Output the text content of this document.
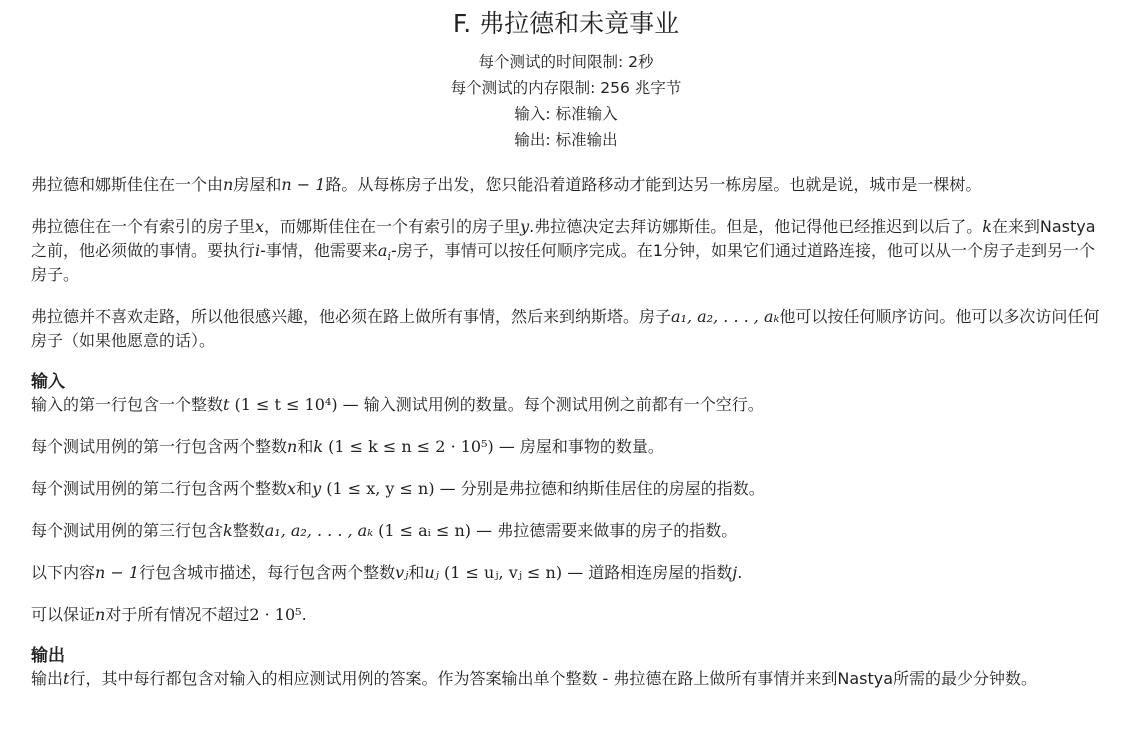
F. 弗拉德和未竟事业
每个测试的时间限制: 2秒
每个测试的内存限制: 256 兆字节
输入: 标准输入
输出: 标准输出

弗拉德和娜斯佳住在一个由n房屋和n − 1路。从每栋房子出发，您只能沿着道路移动才能到达另一栋房屋。也就是说，城市是一棵树。

弗拉德住在一个有索引的房子里x，而娜斯佳住在一个有索引的房子里y.弗拉德决定去拜访娜斯佳。但是，他记得他已经推迟到以后了。k在来到Nastya之前，他必须做的事情。要执行i-事情，他需要来$a_i-$房子，事情可以按任何顺序完成。在1分钟，如果它们通过道路连接，他可以从一个房子走到另一个房子。

弗拉德并不喜欢走路，所以他很感兴趣，他必须在路上做所有事情，然后来到纳斯塔。房子a₁, a₂, . . . , aₖ他可以按任何顺序访问。他可以多次访问任何房子（如果他愿意的话）。

输入

输入的第一行包含一个整数t (1 ≤ t ≤ 10⁴) — 输入测试用例的数量。每个测试用例之前都有一个空行。

每个测试用例的第一行包含两个整数n和k (1 ≤ k ≤ n ≤ 2 · 10⁵) — 房屋和事物的数量。

每个测试用例的第二行包含两个整数x和y (1 ≤ x, y ≤ n) — 分别是弗拉德和纳斯佳居住的房屋的指数。

每个测试用例的第三行包含k整数a₁, a₂, . . . , aₖ (1 ≤ aᵢ ≤ n) — 弗拉德需要来做事的房子的指数。

以下内容n − 1行包含城市描述，每行包含两个整数vⱼ和uⱼ (1 ≤ uⱼ, vⱼ ≤ n) — 道路相连房屋的指数j.

可以保证n对于所有情况不超过2 · 10⁵.

输出

输出t行，其中每行都包含对输入的相应测试用例的答案。作为答案输出单个整数 - 弗拉德在路上做所有事情并来到Nastya所需的最少分钟数。
